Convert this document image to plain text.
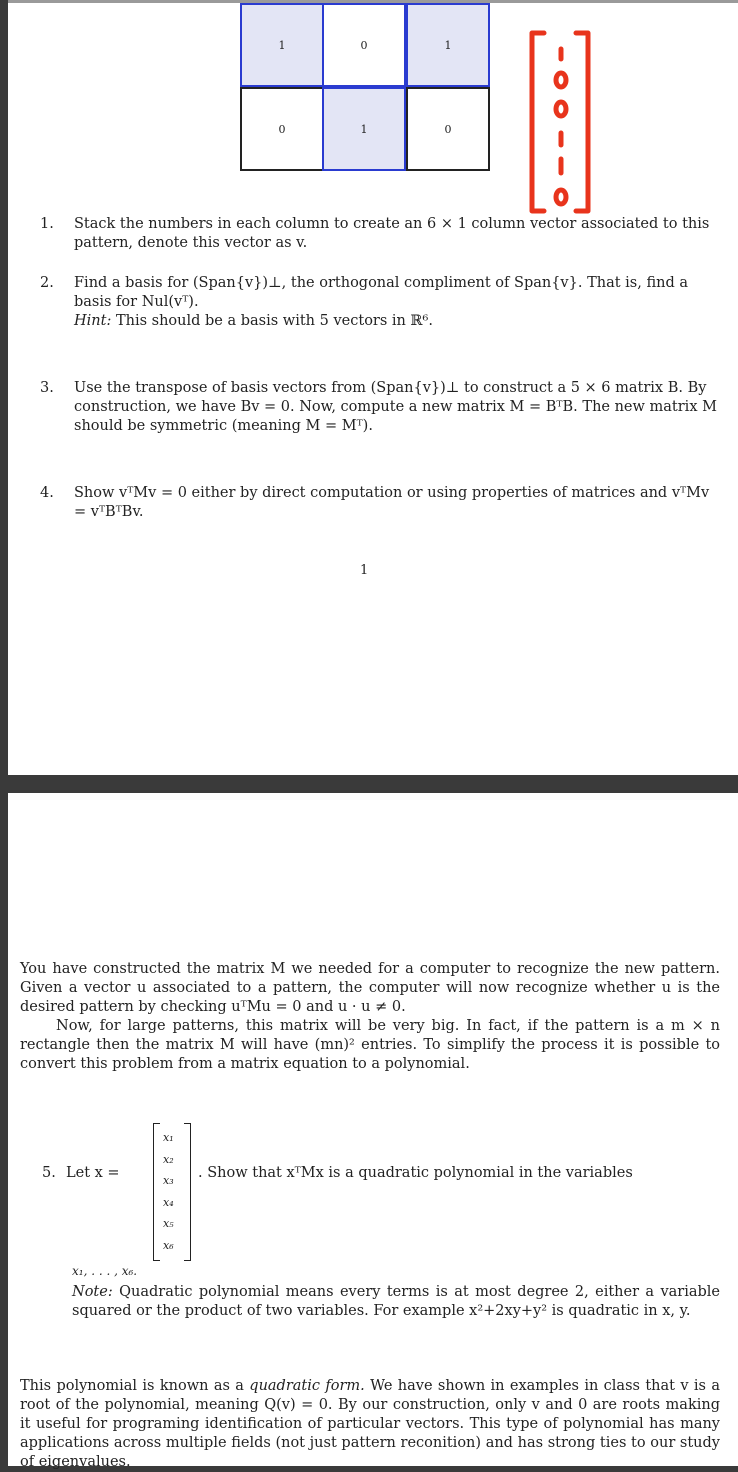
1	0	1
0	1	0
1. Stack the numbers in each column to create an 6 × 1 column vector associated to this pattern, denote this vector as v.
2. Find a basis for (Span{v})⊥, the orthogonal compliment of Span{v}. That is, find a basis for Nul(vᵀ).
Hint: This should be a basis with 5 vectors in ℝ⁶.
3. Use the transpose of basis vectors from (Span{v})⊥ to construct a 5 × 6 matrix B. By construction, we have Bv = 0. Now, compute a new matrix M = BᵀB. The new matrix M should be symmetric (meaning M = Mᵀ).
4. Show vᵀMv = 0 either by direct computation or using properties of matrices and vᵀMv = vᵀBᵀBv.
1
You have constructed the matrix M we needed for a computer to recognize the new pattern. Given a vector u associated to a pattern, the computer will now recognize whether u is the desired pattern by checking uᵀMu = 0 and u · u ≠ 0.
Now, for large patterns, this matrix will be very big. In fact, if the pattern is a m × n rectangle then the matrix M will have (mn)² entries. To simplify the process it is possible to convert this problem from a matrix equation to a polynomial.
5. Let x =
x₁
x₂
x₃
x₄
x₅
x₆
. Show that xᵀMx is a quadratic polynomial in the variables
x₁, . . . , x₆.
Note: Quadratic polynomial means every terms is at most degree 2, either a variable squared or the product of two variables. For example x²+2xy+y² is quadratic in x, y.
This polynomial is known as a quadratic form. We have shown in examples in class that v is a root of the polynomial, meaning Q(v) = 0. By our construction, only v and 0 are roots making it useful for programing identification of particular vectors. This type of polynomial has many applications across multiple fields (not just pattern reconition) and has strong ties to our study of eigenvalues.
